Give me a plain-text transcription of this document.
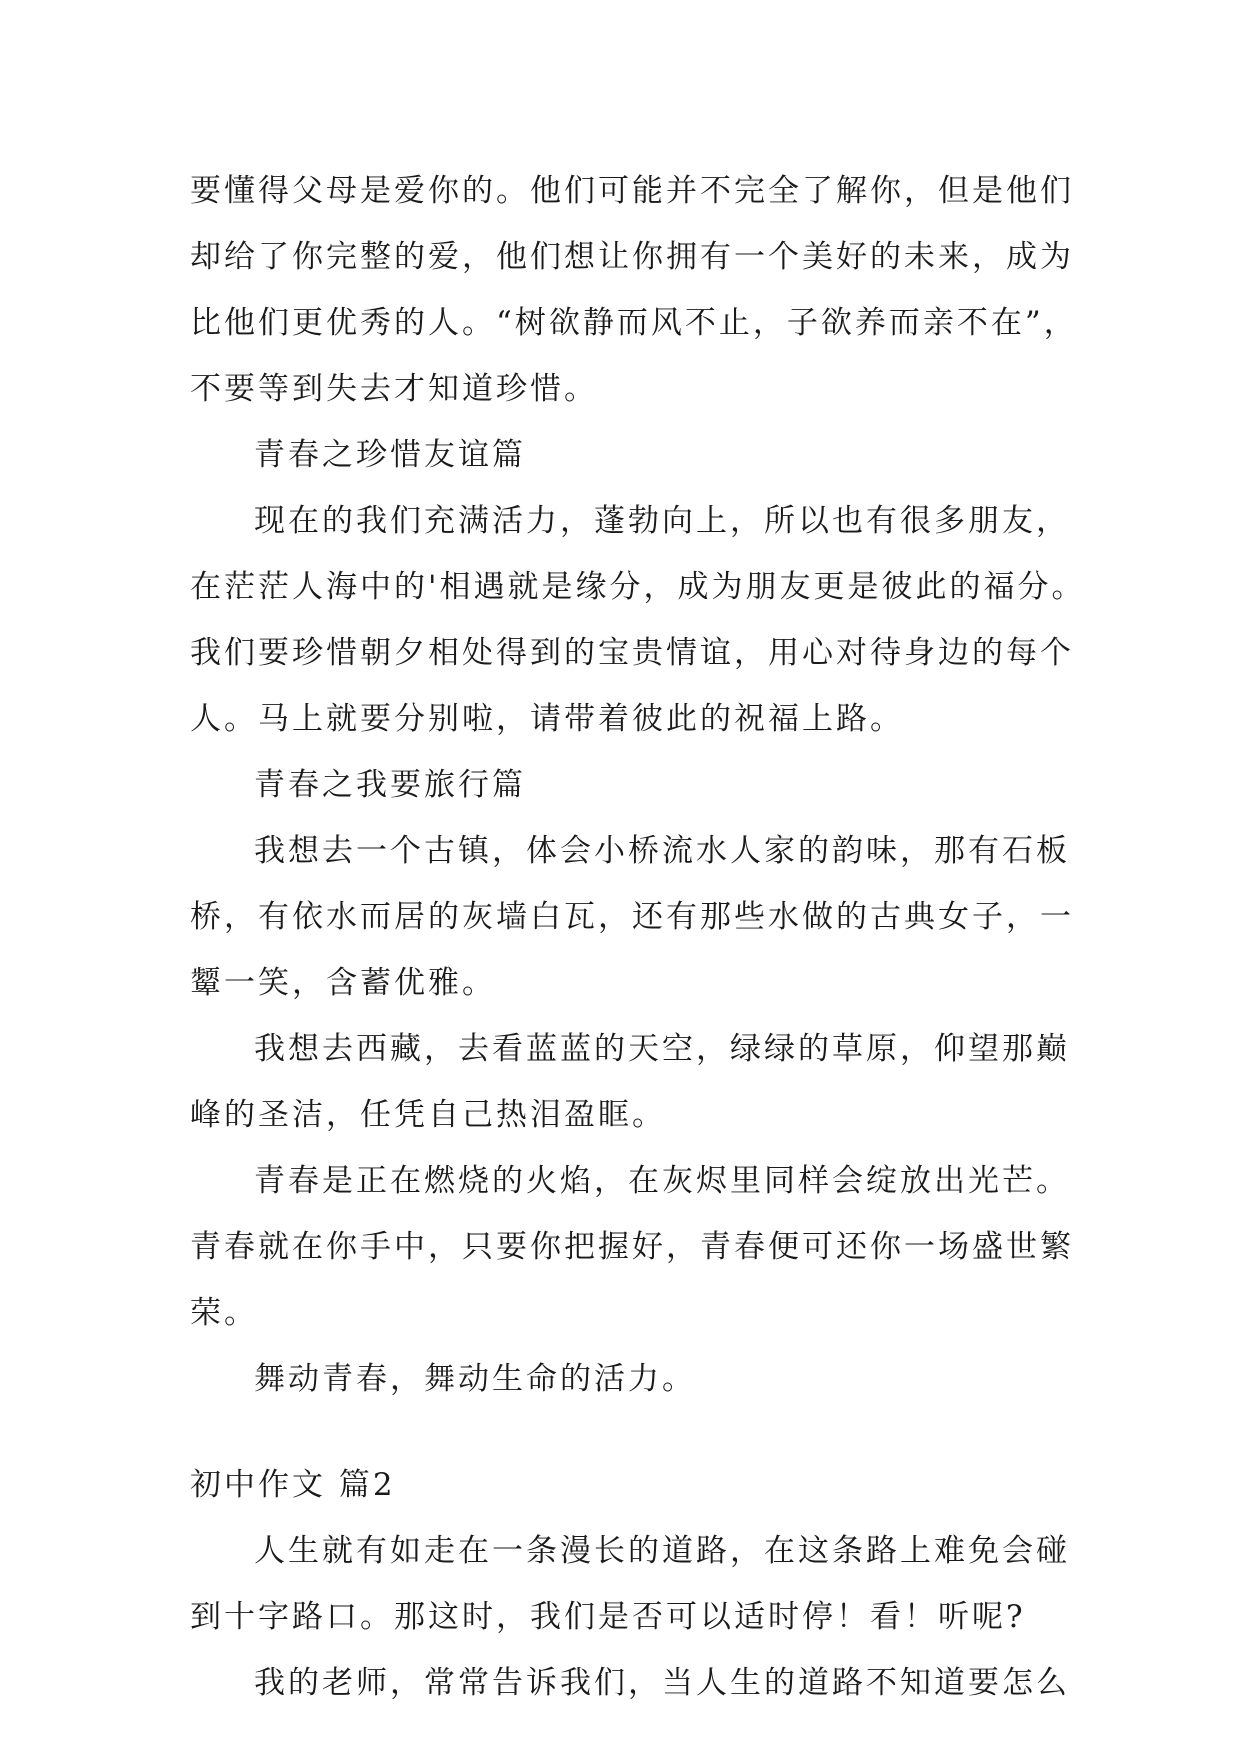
要懂得父母是爱你的。他们可能并不完全了解你，但是他们
却给了你完整的爱，他们想让你拥有一个美好的未来，成为
比他们更优秀的人。“树欲静而风不止，子欲养而亲不在”，
不要等到失去才知道珍惜。
青春之珍惜友谊篇
现在的我们充满活力，蓬勃向上，所以也有很多朋友，
在茫茫人海中的'相遇就是缘分，成为朋友更是彼此的福分。
我们要珍惜朝夕相处得到的宝贵情谊，用心对待身边的每个
人。马上就要分别啦，请带着彼此的祝福上路。
青春之我要旅行篇
我想去一个古镇，体会小桥流水人家的韵味，那有石板
桥，有依水而居的灰墙白瓦，还有那些水做的古典女子，一
颦一笑，含蓄优雅。
我想去西藏，去看蓝蓝的天空，绿绿的草原，仰望那巅
峰的圣洁，任凭自己热泪盈眶。
青春是正在燃烧的火焰，在灰烬里同样会绽放出光芒。
青春就在你手中，只要你把握好，青春便可还你一场盛世繁
荣。
舞动青春，舞动生命的活力。
初中作文 篇2
人生就有如走在一条漫长的道路，在这条路上难免会碰
到十字路口。那这时，我们是否可以适时停！看！听呢?
我的老师，常常告诉我们，当人生的道路不知道要怎么
